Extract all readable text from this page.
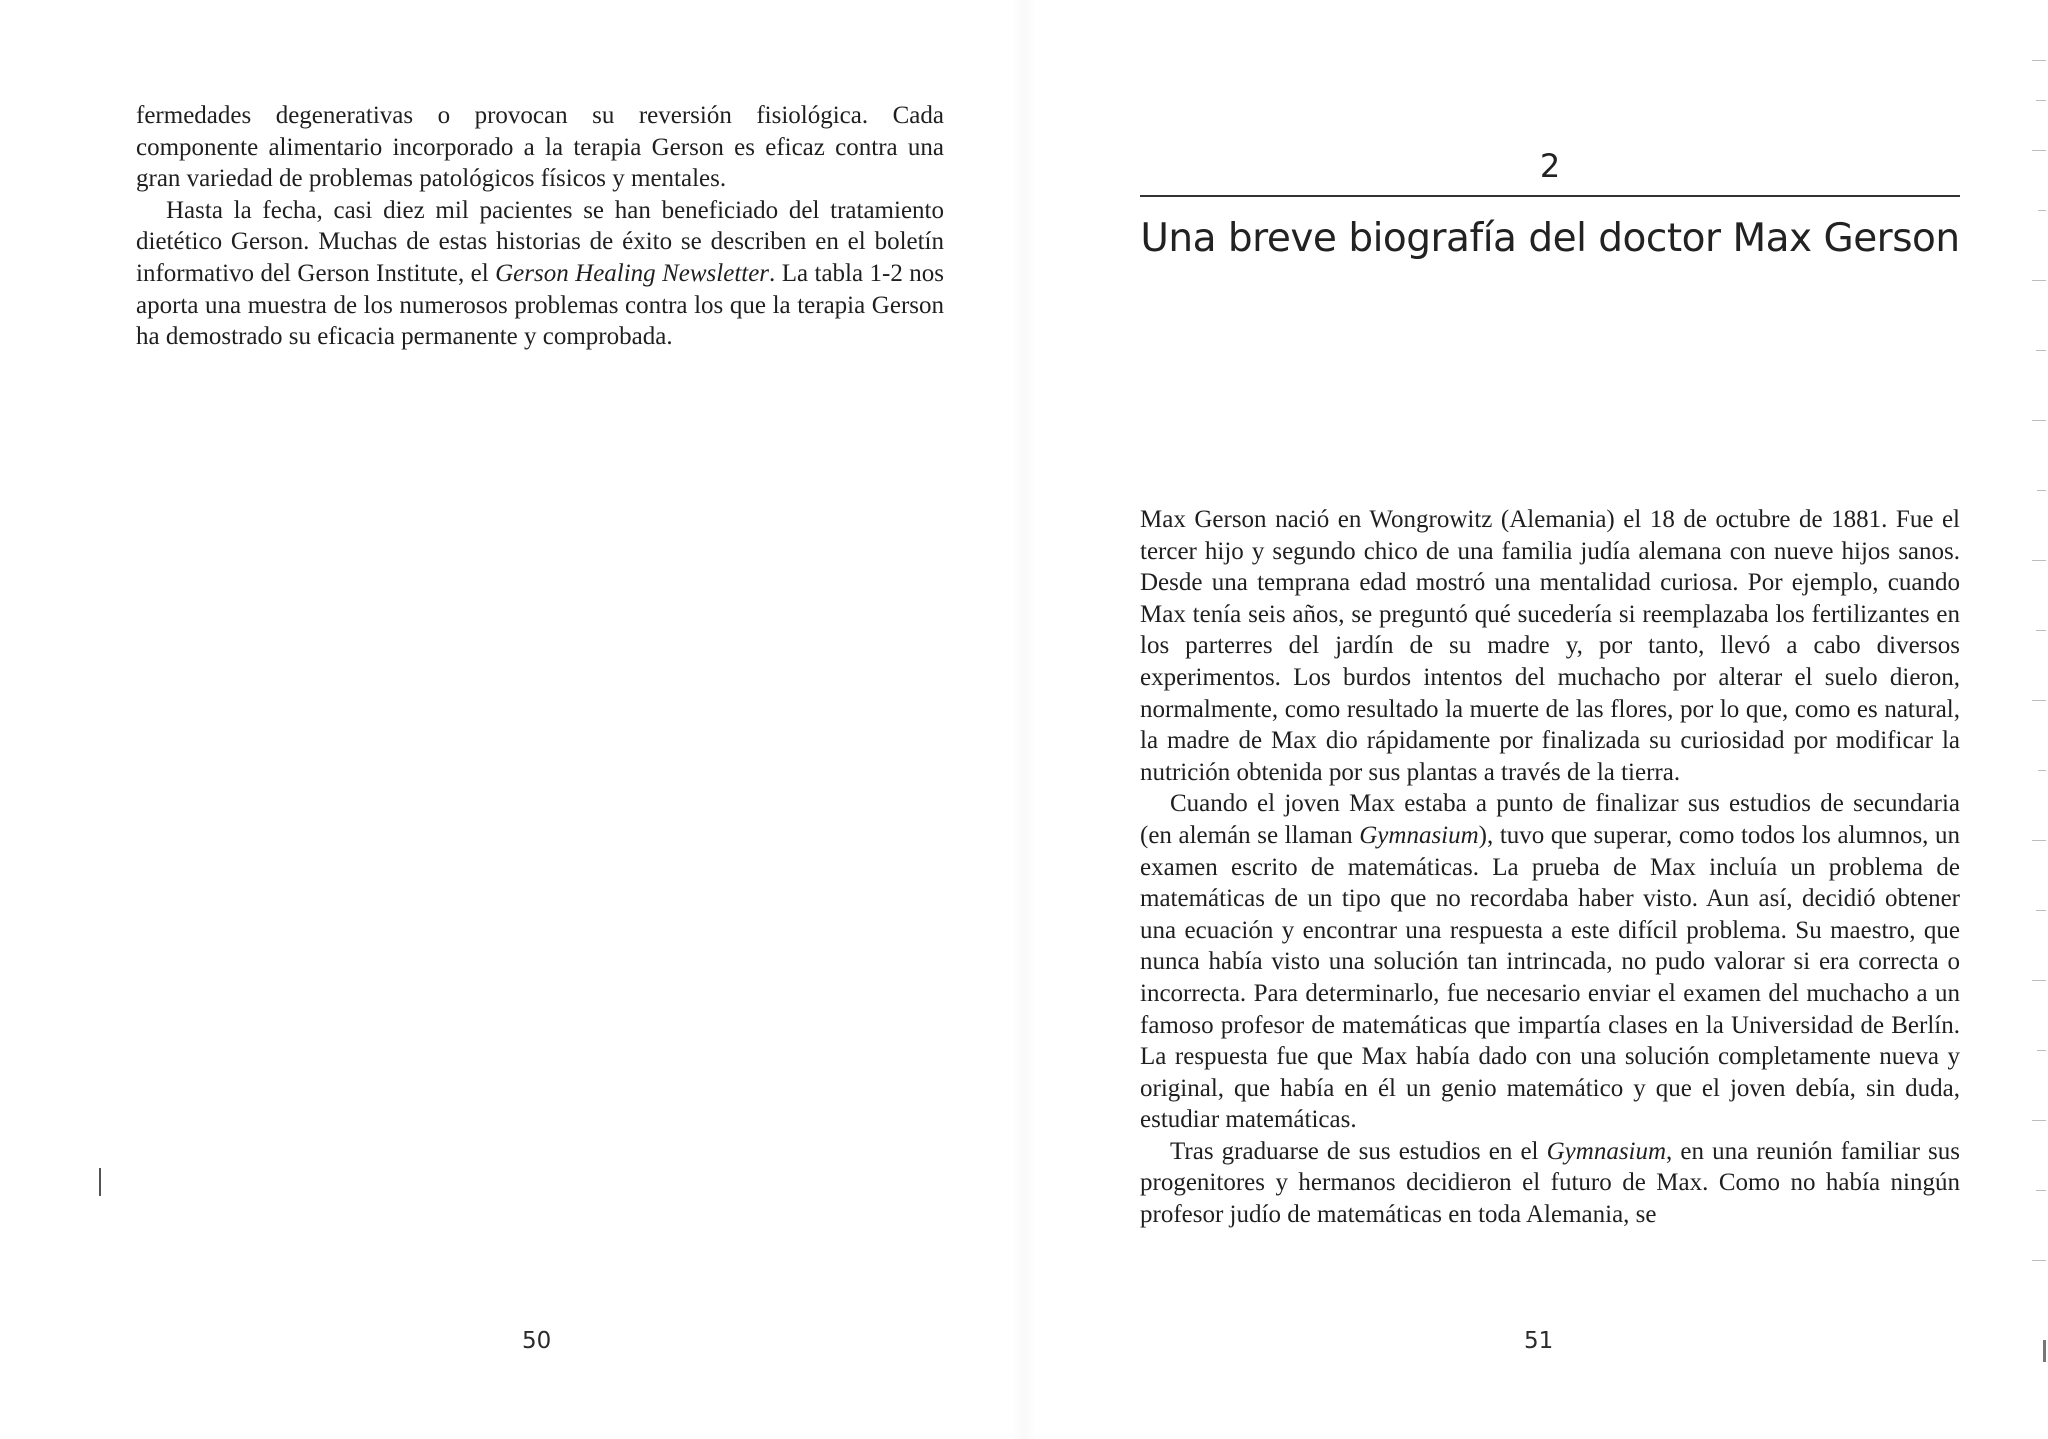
fermedades degenerativas o provocan su reversión fisiológica. Cada componente alimentario incorporado a la terapia Gerson es eficaz contra una gran variedad de problemas patológicos físicos y mentales.

Hasta la fecha, casi diez mil pacientes se han beneficiado del tratamiento dietético Gerson. Muchas de estas historias de éxito se describen en el boletín informativo del Gerson Institute, el Gerson Healing Newsletter. La tabla 1-2 nos aporta una muestra de los numerosos problemas contra los que la terapia Gerson ha demostrado su eficacia permanente y comprobada.

50
2
Una breve biografía del doctor Max Gerson

Max Gerson nació en Wongrowitz (Alemania) el 18 de octubre de 1881. Fue el tercer hijo y segundo chico de una familia judía alemana con nueve hijos sanos. Desde una temprana edad mostró una mentalidad curiosa. Por ejemplo, cuando Max tenía seis años, se preguntó qué sucedería si reemplazaba los fertilizantes en los parterres del jardín de su madre y, por tanto, llevó a cabo diversos experimentos. Los burdos intentos del muchacho por alterar el suelo dieron, normalmente, como resultado la muerte de las flores, por lo que, como es natural, la madre de Max dio rápidamente por finalizada su curiosidad por modificar la nutrición obtenida por sus plantas a través de la tierra.

Cuando el joven Max estaba a punto de finalizar sus estudios de secundaria (en alemán se llaman Gymnasium), tuvo que superar, como todos los alumnos, un examen escrito de matemáticas. La prueba de Max incluía un problema de matemáticas de un tipo que no recordaba haber visto. Aun así, decidió obtener una ecuación y encontrar una respuesta a este difícil problema. Su maestro, que nunca había visto una solución tan intrincada, no pudo valorar si era correcta o incorrecta. Para determinarlo, fue necesario enviar el examen del muchacho a un famoso profesor de matemáticas que impartía clases en la Universidad de Berlín. La respuesta fue que Max había dado con una solución completamente nueva y original, que había en él un genio matemático y que el joven debía, sin duda, estudiar matemáticas.

Tras graduarse de sus estudios en el Gymnasium, en una reunión familiar sus progenitores y hermanos decidieron el futuro de Max. Como no había ningún profesor judío de matemáticas en toda Alemania, se

51
